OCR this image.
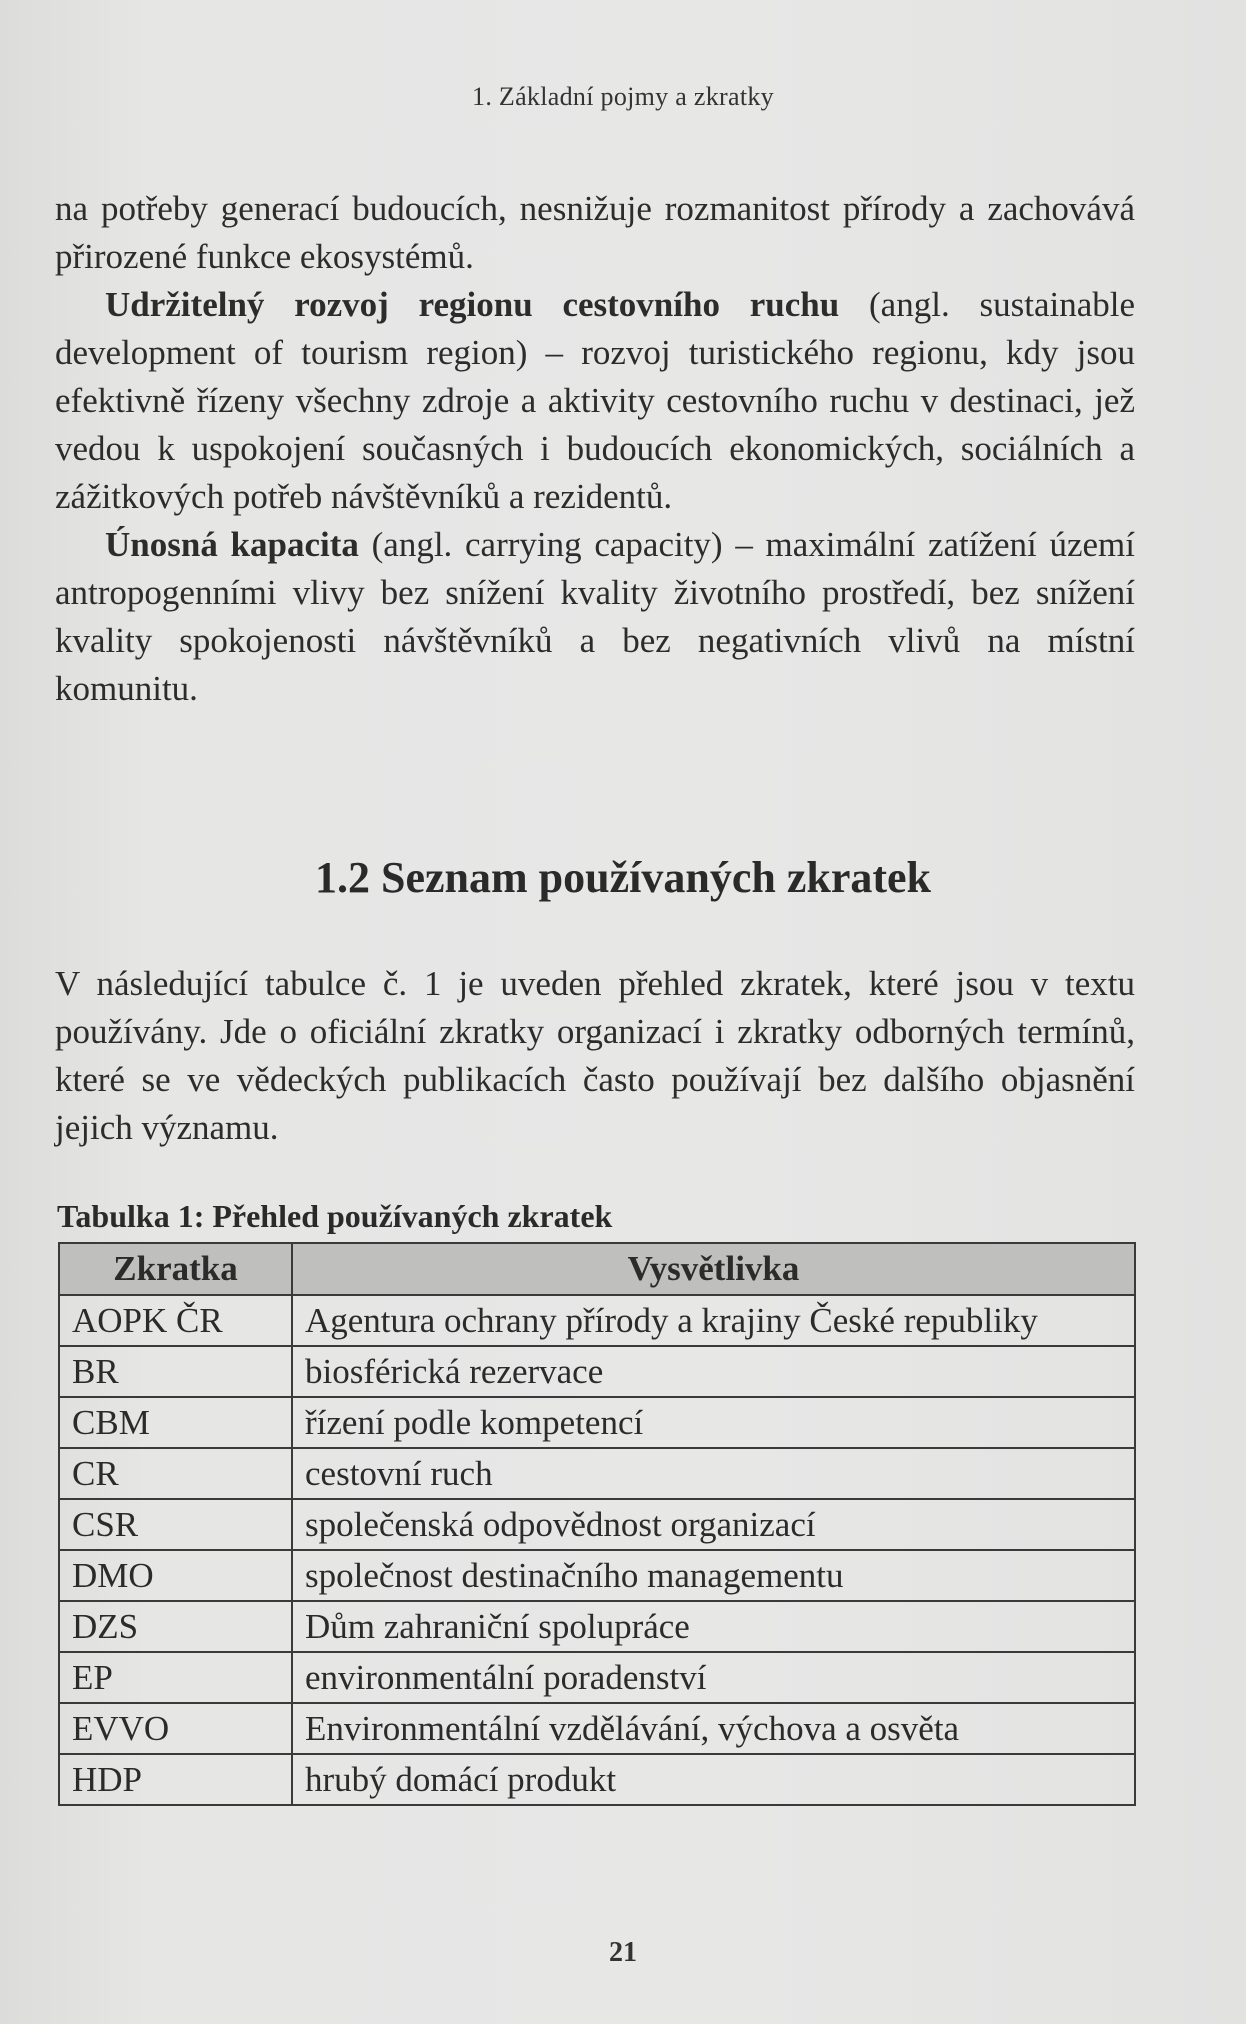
1. Základní pojmy a zkratky

na potřeby generací budoucích, nesnižuje rozmanitost přírody a zachovává přirozené funkce ekosystémů.

Udržitelný rozvoj regionu cestovního ruchu (angl. sustainable development of tourism region) – rozvoj turistického regionu, kdy jsou efektivně řízeny všechny zdroje a aktivity cestovního ruchu v destinaci, jež vedou k uspokojení současných i budoucích ekonomických, sociálních a zážitkových potřeb návštěvníků a rezidentů.

Únosná kapacita (angl. carrying capacity) – maximální zatížení území antropogenními vlivy bez snížení kvality životního prostředí, bez snížení kvality spokojenosti návštěvníků a bez negativních vlivů na místní komunitu.

1.2 Seznam používaných zkratek
V následující tabulce č. 1 je uveden přehled zkratek, které jsou v textu používány. Jde o oficiální zkratky organizací i zkratky odborných termínů, které se ve vědeckých publikacích často používají bez dalšího objasnění jejich významu.
Tabulka 1: Přehled používaných zkratek
Zkratka	Vysvětlivka
AOPK ČR	Agentura ochrany přírody a krajiny České republiky
BR	biosférická rezervace
CBM	řízení podle kompetencí
CR	cestovní ruch
CSR	společenská odpovědnost organizací
DMO	společnost destinačního managementu
DZS	Dům zahraniční spolupráce
EP	environmentální poradenství
EVVO	Environmentální vzdělávání, výchova a osvěta
HDP	hrubý domácí produkt
21
